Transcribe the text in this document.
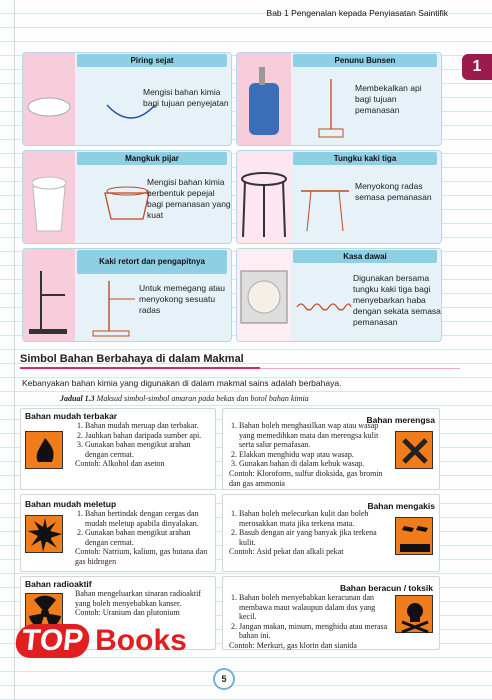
Bab 1 Pengenalan kepada Penyiasatan Saintifik
1
Piring sejat
Mengisi bahan kimia bagi tujuan penyejatan
Penunu Bunsen
Membekalkan api bagi tujuan pemanasan
Mangkuk pijar
Mengisi bahan kimia berbentuk pepejal bagi pemanasan yang kuat
Tungku kaki tiga
Menyokong radas semasa pemanasan
Kaki retort dan pengapitnya
Untuk memegang atau menyokong sesuatu radas
Kasa dawai
Digunakan bersama tungku kaki tiga bagi menyebarkan haba dengan sekata semasa pemanasan
Simbol Bahan Berbahaya di dalam Makmal
Kebanyakan bahan kimia yang digunakan di dalam makmal sains adalah berbahaya.
Jadual 1.3 Maksud simbol-simbol amaran pada bekas dan botol bahan kimia
Bahan mudah terbakar
1. Bahan mudah meruap dan terbakar.
2. Jauhkan bahan daripada sumber api.
3. Gunakan bahan mengikut arahan dengan cermat.
Contoh: Alkohol dan aseton
Bahan merengsa
1. Bahan boleh menghasilkan wap atau wasap yang memedihkan mata dan merengsa kulit serta salur pernafasan.
2. Elakkan menghidu wap atau wasap.
3. Gunakan bahan di dalam kebuk wasap.
Contoh: Kloroform, sulfur dioksida, gas bromin dan gas ammonia
Bahan mudah meletup
1. Bahan bertindak dengan cergas dan mudah meletup apabila dinyalakan.
2. Gunakan bahan mengikut arahan dengan cermat.
Contoh: Natrium, kalium, gas butana dan gas hidrogen
Bahan mengakis
1. Bahan boleh melecurkan kulit dan boleh merosakkan mata jika terkena mata.
2. Basuh dengan air yang banyak jika terkena kulit.
Contoh: Asid pekat dan alkali pekat
Bahan radioaktif
Bahan mengeluarkan sinaran radioaktif yang boleh menyebabkan kanser.
Contoh: Uranium dan plutonium
Bahan beracun / toksik
1. Bahan boleh menyebabkan keracunan dan membawa maut walaupun dalam dos yang kecil.
2. Jangan makan, minum, menghidu atau merasa bahan ini.
Contoh: Merkuri, gas klorin dan sianida
TOP Books
5
